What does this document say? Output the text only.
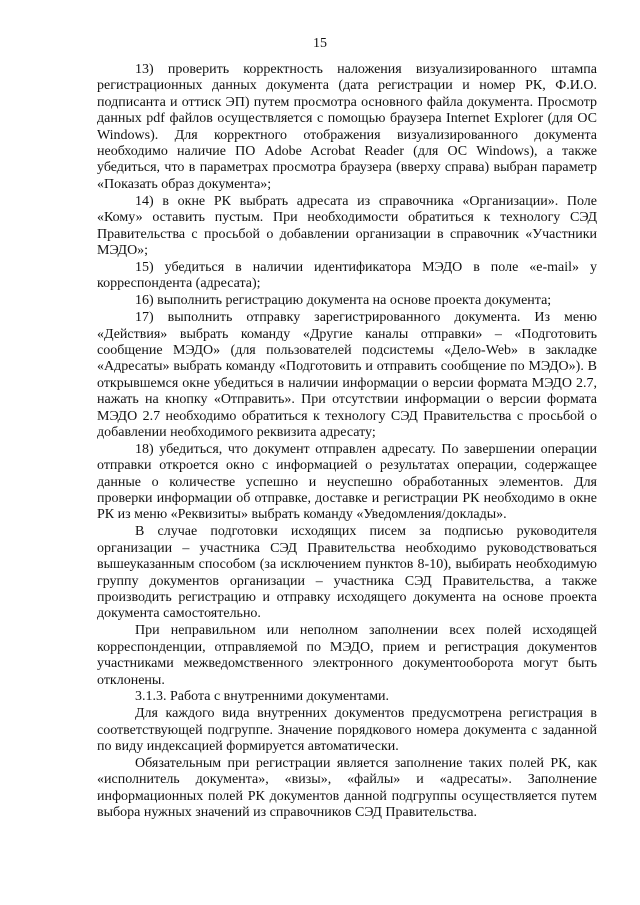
15

13) проверить корректность наложения визуализированного штампа регистрационных данных документа (дата регистрации и номер РК, Ф.И.О. подписанта и оттиск ЭП) путем просмотра основного файла документа. Просмотр данных pdf файлов осуществляется с помощью браузера Internet Explorer (для ОС Windows). Для корректного отображения визуализированного документа необходимо наличие ПО Adobe Acrobat Reader (для ОС Windows), а также убедиться, что в параметрах просмотра браузера (вверху справа) выбран параметр «Показать образ документа»;

14) в окне РК выбрать адресата из справочника «Организации». Поле «Кому» оставить пустым. При необходимости обратиться к технологу СЭД Правительства с просьбой о добавлении организации в справочник «Участники МЭДО»;

15) убедиться в наличии идентификатора МЭДО в поле «e-mail» у корреспондента (адресата);

16) выполнить регистрацию документа на основе проекта документа;

17) выполнить отправку зарегистрированного документа. Из меню «Действия» выбрать команду «Другие каналы отправки» – «Подготовить сообщение МЭДО» (для пользователей подсистемы «Дело-Web» в закладке «Адресаты» выбрать команду «Подготовить и отправить сообщение по МЭДО»). В открывшемся окне убедиться в наличии информации о версии формата МЭДО 2.7, нажать на кнопку «Отправить». При отсутствии информации о версии формата МЭДО 2.7 необходимо обратиться к технологу СЭД Правительства с просьбой о добавлении необходимого реквизита адресату;

18) убедиться, что документ отправлен адресату. По завершении операции отправки откроется окно с информацией о результатах операции, содержащее данные о количестве успешно и неуспешно обработанных элементов. Для проверки информации об отправке, доставке и регистрации РК необходимо в окне РК из меню «Реквизиты» выбрать команду «Уведомления/доклады».

В случае подготовки исходящих писем за подписью руководителя организации – участника СЭД Правительства необходимо руководствоваться вышеуказанным способом (за исключением пунктов 8-10), выбирать необходимую группу документов организации – участника СЭД Правительства, а также производить регистрацию и отправку исходящего документа на основе проекта документа самостоятельно.

При неправильном или неполном заполнении всех полей исходящей корреспонденции, отправляемой по МЭДО, прием и регистрация документов участниками межведомственного электронного документооборота могут быть отклонены.

3.1.3. Работа с внутренними документами.

Для каждого вида внутренних документов предусмотрена регистрация в соответствующей подгруппе. Значение порядкового номера документа с заданной по виду индексацией формируется автоматически.

Обязательным при регистрации является заполнение таких полей РК, как «исполнитель документа», «визы», «файлы» и «адресаты». Заполнение информационных полей РК документов данной подгруппы осуществляется путем выбора нужных значений из справочников СЭД Правительства.
